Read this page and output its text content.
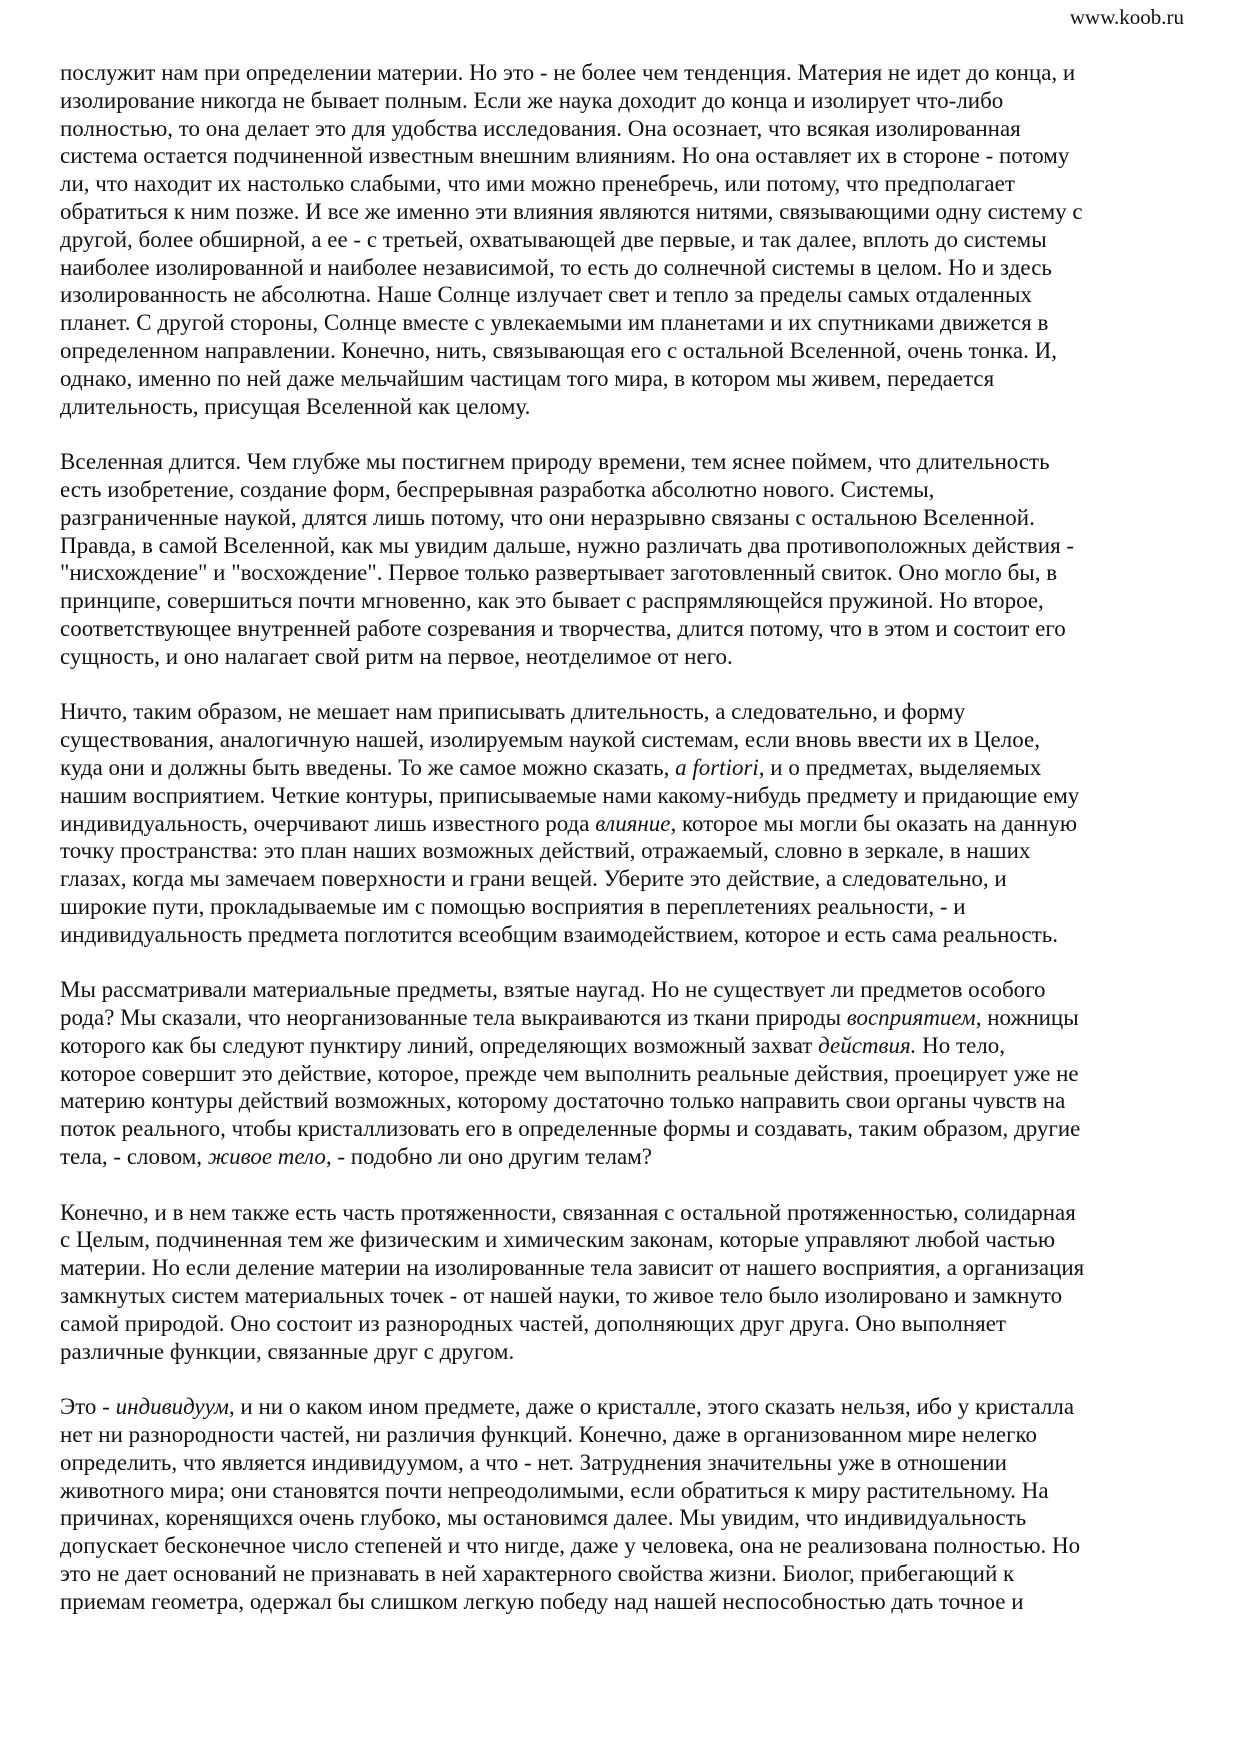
www.koob.ru
послужит нам при определении материи. Но это - не более чем тенденция. Материя не идет до конца, и
изолирование никогда не бывает полным. Если же наука доходит до конца и изолирует что-либо
полностью, то она делает это для удобства исследования. Она осознает, что всякая изолированная
система остается подчиненной известным внешним влияниям. Но она оставляет их в стороне - потому
ли, что находит их настолько слабыми, что ими можно пренебречь, или потому, что предполагает
обратиться к ним позже. И все же именно эти влияния являются нитями, связывающими одну систему с
другой, более обширной, а ее - с третьей, охватывающей две первые, и так далее, вплоть до системы
наиболее изолированной и наиболее независимой, то есть до солнечной системы в целом. Но и здесь
изолированность не абсолютна. Наше Солнце излучает свет и тепло за пределы самых отдаленных
планет. С другой стороны, Солнце вместе с увлекаемыми им планетами и их спутниками движется в
определенном направлении. Конечно, нить, связывающая его с остальной Вселенной, очень тонка. И,
однако, именно по ней даже мельчайшим частицам того мира, в котором мы живем, передается
длительность, присущая Вселенной как целому.
Вселенная длится. Чем глубже мы постигнем природу времени, тем яснее поймем, что длительность
есть изобретение, создание форм, беспрерывная разработка абсолютно нового. Системы,
разграниченные наукой, длятся лишь потому, что они неразрывно связаны с остальною Вселенной.
Правда, в самой Вселенной, как мы увидим дальше, нужно различать два противоположных действия -
"нисхождение" и "восхождение". Первое только развертывает заготовленный свиток. Оно могло бы, в
принципе, совершиться почти мгновенно, как это бывает с распрямляющейся пружиной. Но второе,
соответствующее внутренней работе созревания и творчества, длится потому, что в этом и состоит его
сущность, и оно налагает свой ритм на первое, неотделимое от него.
Ничто, таким образом, не мешает нам приписывать длительность, а следовательно, и форму
существования, аналогичную нашей, изолируемым наукой системам, если вновь ввести их в Целое,
куда они и должны быть введены. То же самое можно сказать, a fortiori, и о предметах, выделяемых
нашим восприятием. Четкие контуры, приписываемые нами какому-нибудь предмету и придающие ему
индивидуальность, очерчивают лишь известного рода влияние, которое мы могли бы оказать на данную
точку пространства: это план наших возможных действий, отражаемый, словно в зеркале, в наших
глазах, когда мы замечаем поверхности и грани вещей. Уберите это действие, а следовательно, и
широкие пути, прокладываемые им с помощью восприятия в переплетениях реальности, - и
индивидуальность предмета поглотится всеобщим взаимодействием, которое и есть сама реальность.
Мы рассматривали материальные предметы, взятые наугад. Но не существует ли предметов особого
рода? Мы сказали, что неорганизованные тела выкраиваются из ткани природы восприятием, ножницы
которого как бы следуют пунктиру линий, определяющих возможный захват действия. Но тело,
которое совершит это действие, которое, прежде чем выполнить реальные действия, проецирует уже не
материю контуры действий возможных, которому достаточно только направить свои органы чувств на
поток реального, чтобы кристаллизовать его в определенные формы и создавать, таким образом, другие
тела, - словом, живое тело, - подобно ли оно другим телам?
Конечно, и в нем также есть часть протяженности, связанная с остальной протяженностью, солидарная
с Целым, подчиненная тем же физическим и химическим законам, которые управляют любой частью
материи. Но если деление материи на изолированные тела зависит от нашего восприятия, а организация
замкнутых систем материальных точек - от нашей науки, то живое тело было изолировано и замкнуто
самой природой. Оно состоит из разнородных частей, дополняющих друг друга. Оно выполняет
различные функции, связанные друг с другом.
Это - индивидуум, и ни о каком ином предмете, даже о кристалле, этого сказать нельзя, ибо у кристалла
нет ни разнородности частей, ни различия функций. Конечно, даже в организованном мире нелегко
определить, что является индивидуумом, а что - нет. Затруднения значительны уже в отношении
животного мира; они становятся почти непреодолимыми, если обратиться к миру растительному. На
причинах, коренящихся очень глубоко, мы остановимся далее. Мы увидим, что индивидуальность
допускает бесконечное число степеней и что нигде, даже у человека, она не реализована полностью. Но
это не дает оснований не признавать в ней характерного свойства жизни. Биолог, прибегающий к
приемам геометра, одержал бы слишком легкую победу над нашей неспособностью дать точное и
